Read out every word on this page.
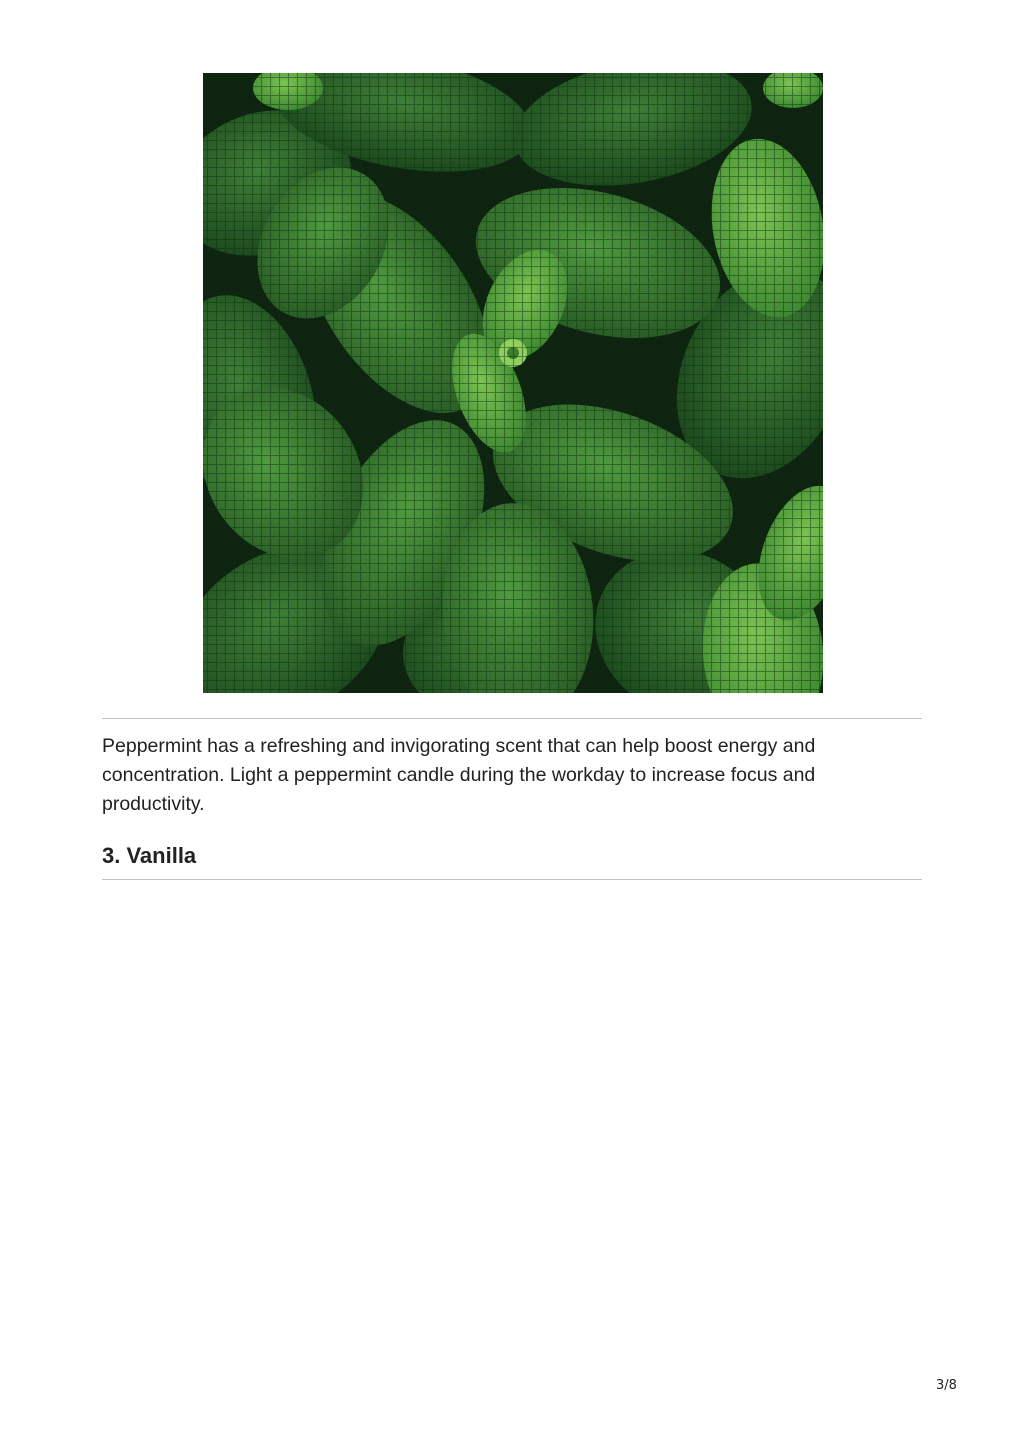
Peppermint has a refreshing and invigorating scent that can help boost energy and concentration. Light a peppermint candle during the workday to increase focus and productivity.

3. Vanilla
3/8
